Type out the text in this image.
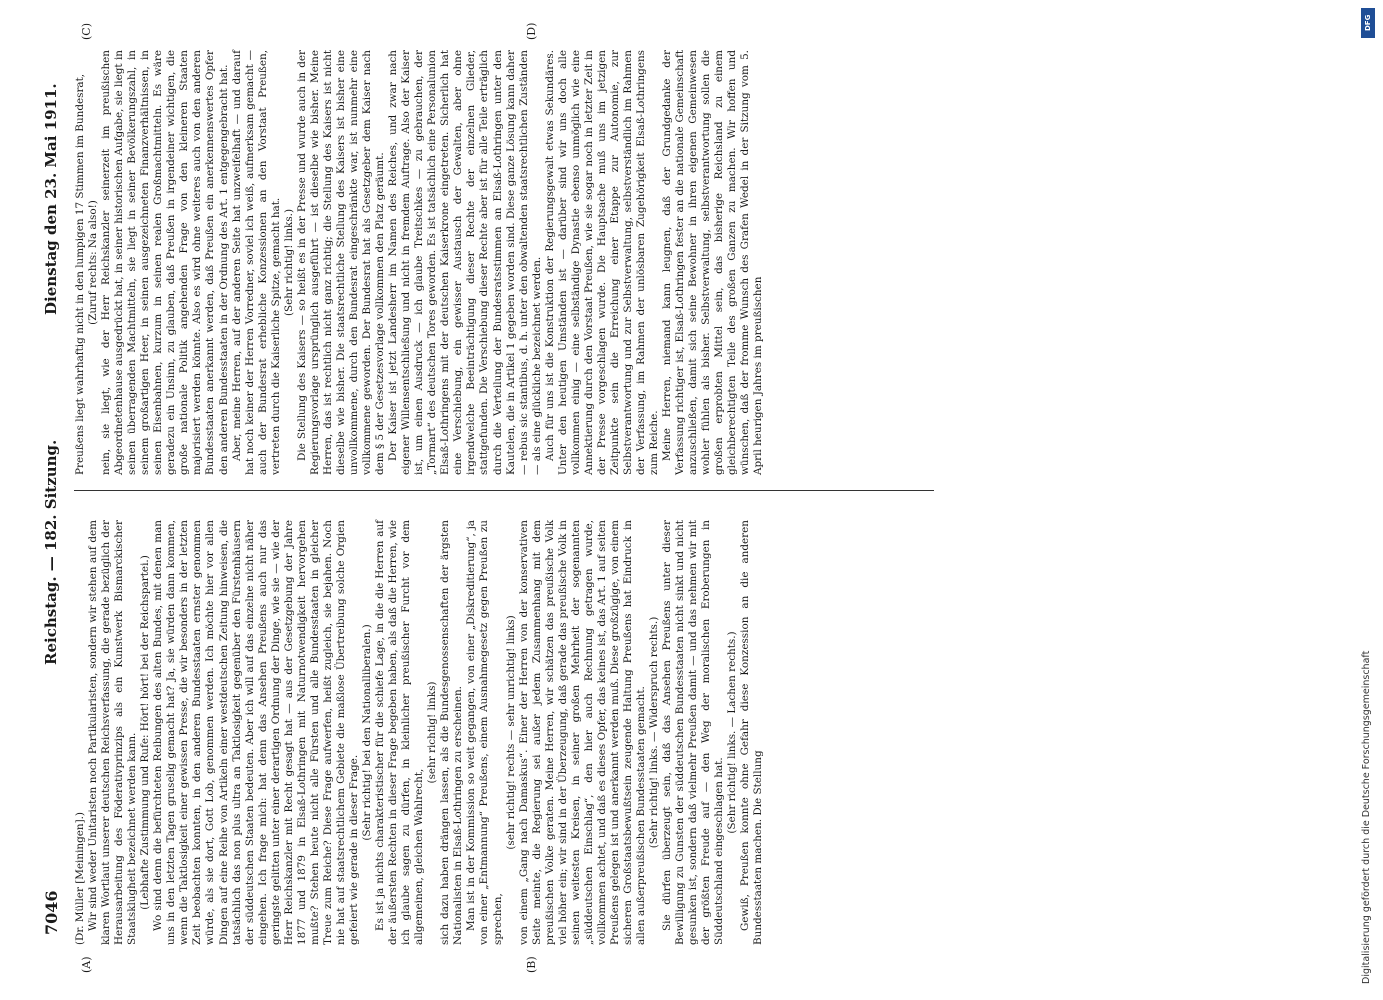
7046
Reichstag. — 182. Sitzung.
Dienstag den 23. Mai 1911.
(A)	(B)
(C)	(D)

(Dr. Müller [Meiningen].) Wir sind weder Unitaristen noch Partikularisten, sondern wir stehen auf dem klaren Wortlaut unserer deutschen Reichsverfassung, die gerade bezüglich der Herausarbeitung des Föderativprinzips als ein Kunstwerk Bismarckischer Staatsklugheit bezeichnet werden kann. (Lebhafte Zustimmung und Rufe: Hört! hört! bei der Reichspartei.) Wo sind denn die befürchteten Reibungen des alten Bundes, mit denen man uns in den letzten Tagen gruselig gemacht hat? Ja, sie würden dann kommen, wenn die Taktlosigkeit einer gewissen Presse, die wir besonders in der letzten Zeit beobachten konnten, in den anderen Bundesstaaten ernster genommen würde, als sie dort, Gott Lob, genommen werden. Ich möchte hier vor allen Dingen auf eine Reihe von Artikeln einer westdeutschen Zeitung hinweisen, die tatsächlich das non plus ultra an Taktlosigkeit gegenüber den Fürstenhäusern der süddeutschen Staaten bedeuten. Aber ich will auf das einzelne nicht näher eingehen. Ich frage mich: hat denn das Ansehen Preußens auch nur das geringste gelitten unter einer derartigen Ordnung der Dinge, wie sie — wie der Herr Reichskanzler mit Recht gesagt hat — aus der Gesetzgebung der Jahre 1877 und 1879 in Elsaß-Lothringen mit Naturnotwendigkeit hervorgehen mußte? Stehen heute nicht alle Fürsten und alle Bundesstaaten in gleicher Treue zum Reiche? Diese Frage aufwerfen, heißt zugleich, sie bejahen. Noch nie hat auf staatsrechtlichem Gebiete die maßlose Übertreibung solche Orgien gefeiert wie gerade in dieser Frage.

(Sehr richtig! bei den Nationalliberalen.) Es ist ja nichts charakteristischer für die schiefe Lage, in die die Herren auf der äußersten Rechten in dieser Frage begeben haben, als daß die Herren, wie ich glaube sagen zu dürfen, in kleinlicher preußischer Furcht vor dem allgemeinen, gleichen Wahlrecht,

(sehr richtig! links) sich dazu haben drängen lassen, als die Bundesgenossenschaften der ärgsten Nationalisten in Elsaß-Lothringen zu erscheinen. Man ist in der Kommission so weit gegangen, von einer „Diskreditierung“, ja von einer „Entmannung“ Preußens, einem Ausnahmegesetz gegen Preußen zu sprechen,

(sehr richtig! rechts — sehr unrichtig! links) von einem „Gang nach Damaskus“. Einer der Herren von der konservativen Seite meinte, die Regierung sei außer jedem Zusammenhang mit dem preußischen Volke geraten. Meine Herren, wir schätzen das preußische Volk viel höher ein; wir sind in der Überzeugung, daß gerade das preußische Volk in seinen weitesten Kreisen, in seiner großen Mehrheit der sogenannten „süddeutschen Einschlag“, den hier auch Rechnung getragen wurde, vollkommen achtet, und daß es dieses Opfer, das keines ist, das Art. 1 auf seiten Preußens gelegen ist und anerkannt werden muß. Diese großzügige, von einem sicheren Großstaatsbewußtsein zeugende Haltung Preußens hat Eindruck in allen außerpreußischen Bundesstaaten gemacht. (Sehr richtig! links. — Widerspruch rechts.) Sie dürfen überzeugt sein, daß das Ansehen Preußens unter dieser Bewilligung zu Gunsten der süddeutschen Bundesstaaten nicht sinkt und nicht gesunken ist, sondern daß vielmehr Preußen damit — und das nehmen wir mit der größten Freude auf — den Weg der moralischen Eroberungen in Süddeutschland eingeschlagen hat.

(Sehr richtig! links. — Lachen rechts.) Gewiß, Preußen konnte ohne Gefahr diese Konzession an die anderen Bundesstaaten machen. Die Stellung

Preußens liegt wahrhaftig nicht in den lumpigen 17 Stimmen im Bundesrat, (Zuruf rechts: Na also!) nein, sie liegt, wie der Herr Reichskanzler seinerzeit im preußischen Abgeordnetenhause ausgedrückt hat, in seiner historischen Aufgabe, sie liegt in seinen überragenden Machtmitteln, sie liegt in seiner Bevölkerungszahl, in seinem großartigen Heer, in seinen ausgezeichneten Finanzverhältnissen, in seinen Eisenbahnen, kurzum in seinen realen Großmachtmitteln. Es wäre geradezu ein Unsinn, zu glauben, daß Preußen in irgendeiner wichtigen, die große nationale Politik angehenden Frage von den kleineren Staaten majorisiert werden könnte. Also es wird ohne weiteres auch von den anderen Bundesstaaten anerkannt werden, daß Preußen ein anerkennenswertes Opfer den anderen Bundesstaaten in der Ordnung des Art. 1 entgegengebracht hat. Aber, meine Herren, auf der anderen Seite hat unzweifelhaft — und darauf hat noch keiner der Herren Vorredner, soviel ich weiß, aufmerksam gemacht — auch der Bundesrat erhebliche Konzessionen an den Vorstaat Preußen, vertreten durch die Kaiserliche Spitze, gemacht hat. (Sehr richtig! links.) Die Stellung des Kaisers — so heißt es in der Presse und wurde auch in der Regierungsvorlage ursprünglich ausgeführt — ist dieselbe wie bisher. Meine Herren, das ist rechtlich nicht ganz richtig; die Stellung des Kaisers ist nicht dieselbe wie bisher. Die staatsrechtliche Stellung des Kaisers ist bisher eine unvollkommene, durch den Bundesrat eingeschränkte war, ist nunmehr eine vollkommene geworden. Der Bundesrat hat als Gesetzgeber dem Kaiser nach dem § 5 der Gesetzesvorlage vollkommen den Platz geräumt. Der Kaiser ist jetzt Landesherr im Namen des Reiches, und zwar nach eigener Willensentschließung und nicht in fremdem Auftrage. Also der Kaiser ist, um einen Ausdruck — ich glaube Treitschkes — zu gebrauchen, der „Tormart“ des deutschen Tores geworden. Es ist tatsächlich eine Personalunion Elsaß-Lothringens mit der deutschen Kaiserkrone eingetreten. Sicherlich hat eine Verschiebung, ein gewisser Austausch der Gewalten, aber ohne irgendwelche Beeinträchtigung dieser Rechte der einzelnen Glieder, stattgefunden. Die Verschiebung dieser Rechte aber ist für alle Teile erträglich durch die Verteilung der Bundesratsstimmen an Elsaß-Lothringen unter den Kautelen, die in Artikel 1 gegeben worden sind. Diese ganze Lösung kann daher — rebus sic stantibus, d. h. unter den obwaltenden staatsrechtlichen Zuständen — als eine glückliche bezeichnet werden. Auch für uns ist die Konstruktion der Regierungsgewalt etwas Sekundäres. Unter den heutigen Umständen ist — darüber sind wir uns doch alle vollkommen einig — eine selbständige Dynastie ebenso unmöglich wie eine Annektierung durch den Vorstaat Preußen, wie sie sogar noch in letzter Zeit in der Presse vorgeschlagen wurde. Die Hauptsache muß uns im jetzigen Zeitpunkte sein die Erreichung einer Etappe zur Autonomie, zur Selbstverantwortung und zur Selbstverwaltung, selbstverständlich im Rahmen der Verfassung, im Rahmen der unlösbaren Zugehörigkeit Elsaß-Lothringens zum Reiche. Meine Herren, niemand kann leugnen, daß der Grundgedanke der Verfassung richtiger ist, Elsaß-Lothringen fester an die nationale Gemeinschaft anzuschließen, damit sich seine Bewohner in ihren eigenen Gemeinwesen wohler fühlen als bisher. Selbstverwaltung, selbstverantwortung sollen die großen erprobten Mittel sein, das bisherige Reichsland zu einem gleichberechtigten Teile des großen Ganzen zu machen. Wir hoffen und wünschen, daß der fromme Wunsch des Grafen Wedel in der Sitzung vom 5. April heurigen Jahres im preußischen

DFG
Digitalisierung gefördert durch die Deutsche Forschungsgemeinschaft
